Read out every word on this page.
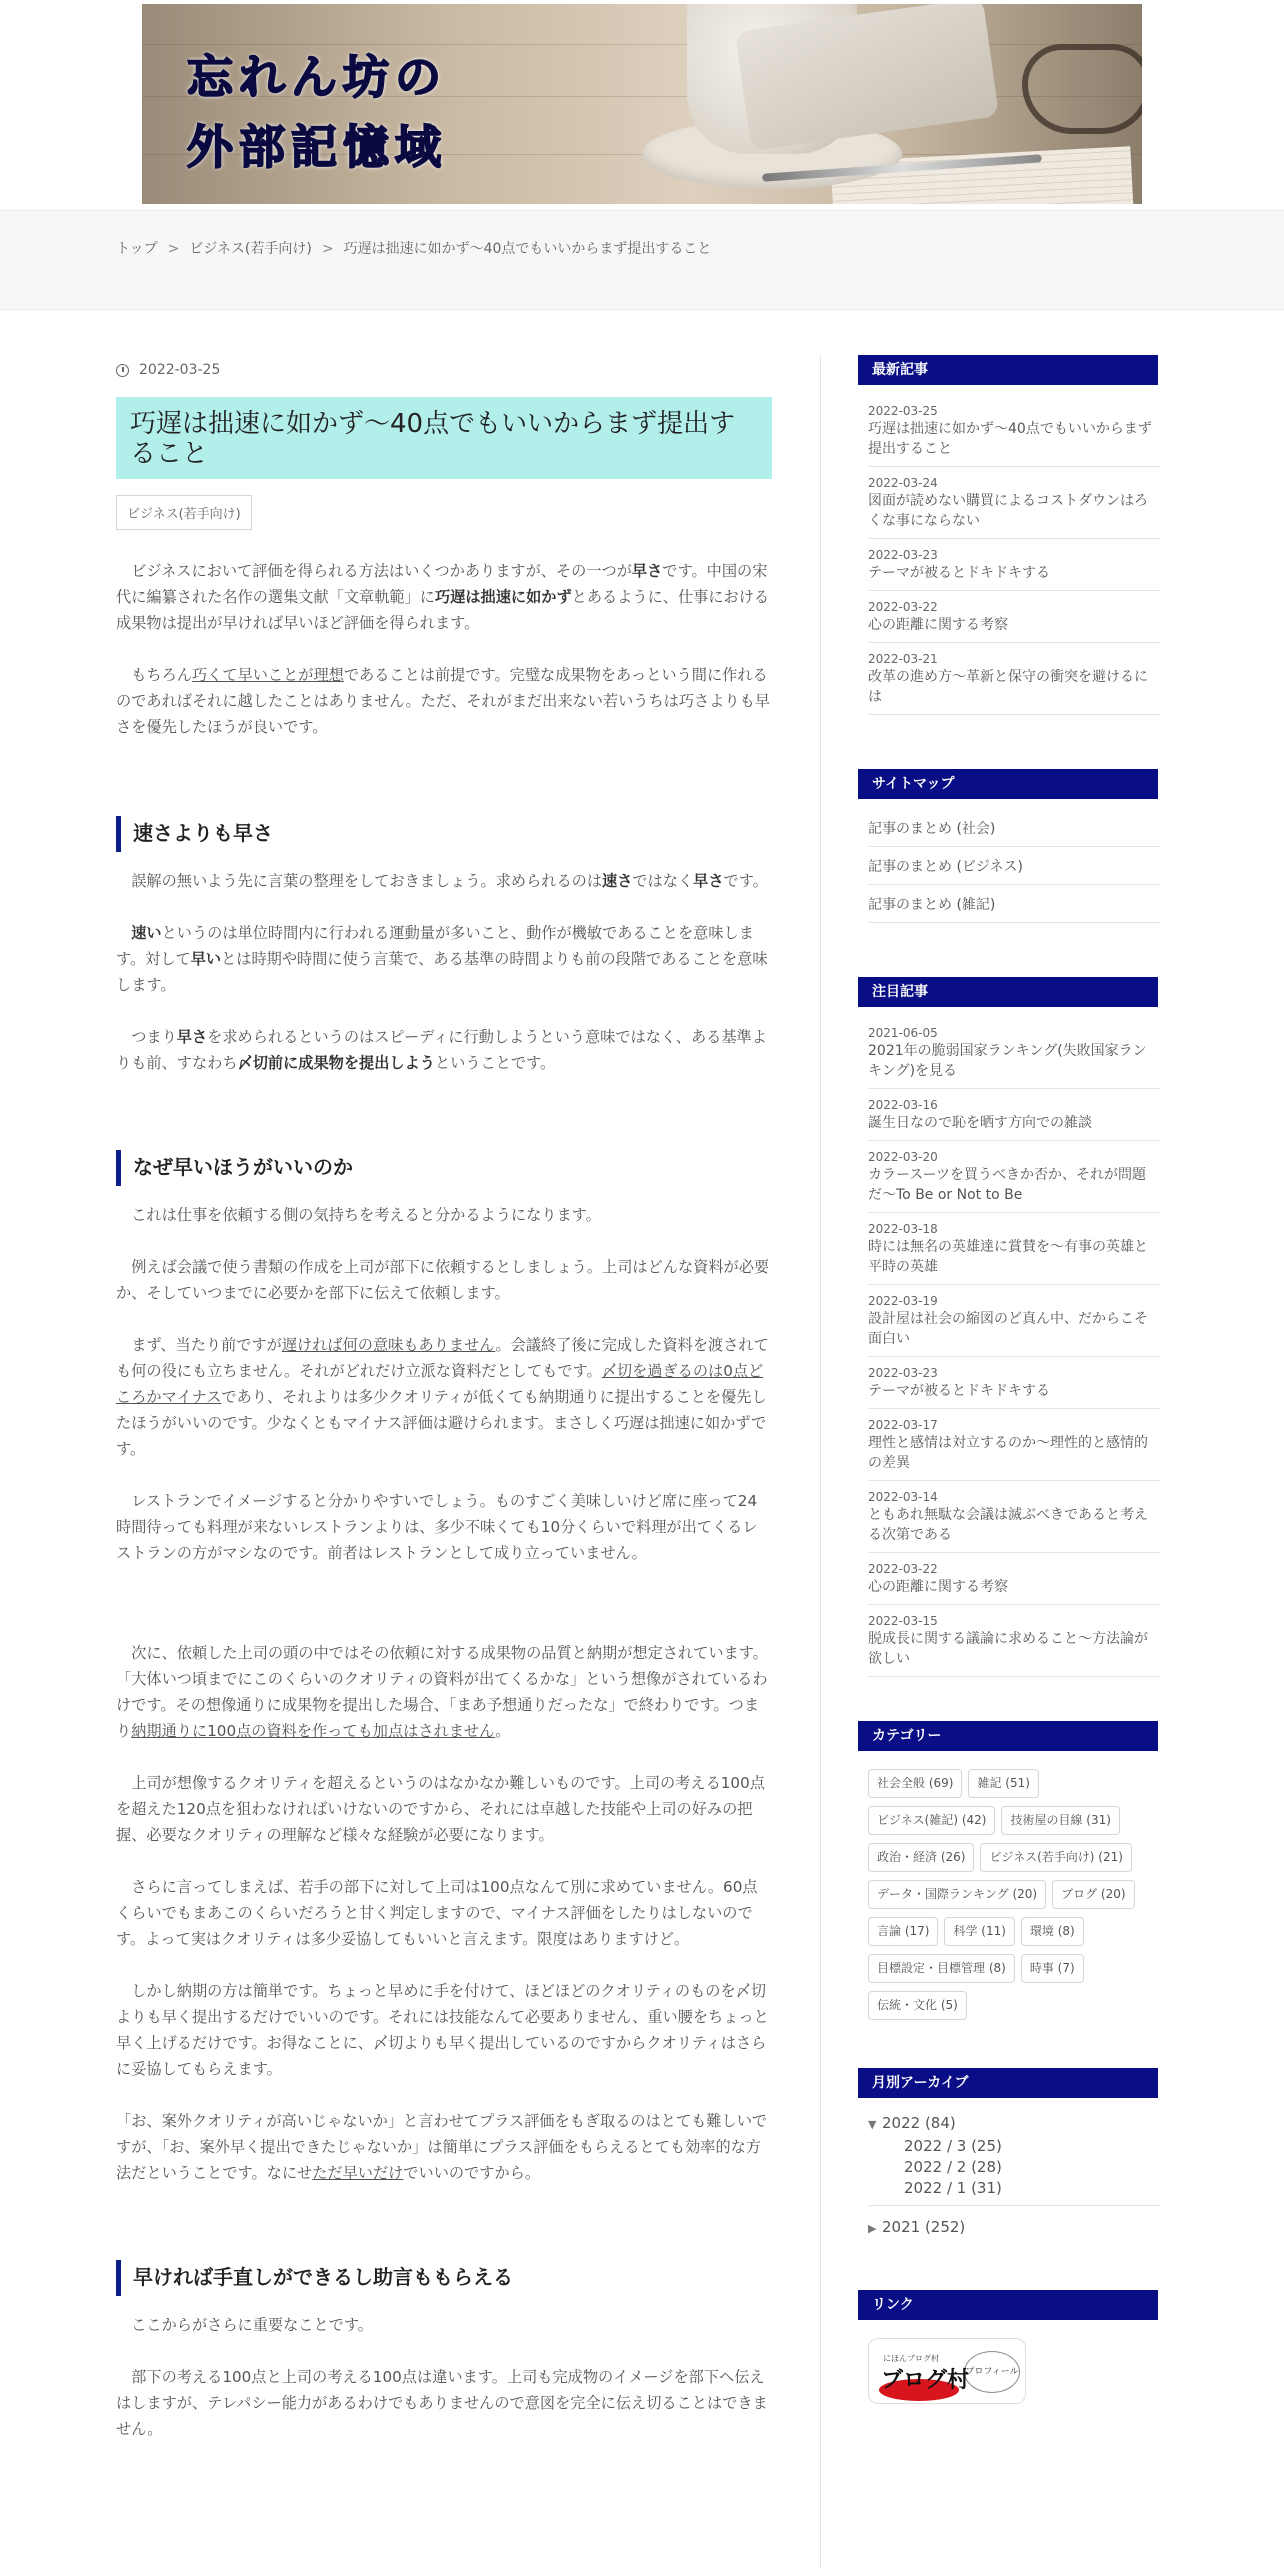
忘れん坊の
外部記憶域
トップ > ビジネス(若手向け) > 巧遅は拙速に如かず～40点でもいいからまず提出すること
2022-03-25
巧遅は拙速に如かず～40点でもいいからまず提出すること
ビジネス(若手向け)

ビジネスにおいて評価を得られる方法はいくつかありますが、その一つが早さです。中国の宋代に編纂された名作の選集文献「文章軌範」に巧遅は拙速に如かずとあるように、仕事における成果物は提出が早ければ早いほど評価を得られます。

もちろん巧くて早いことが理想であることは前提です。完璧な成果物をあっという間に作れるのであればそれに越したことはありません。ただ、それがまだ出来ない若いうちは巧さよりも早さを優先したほうが良いです。

速さよりも早さ

誤解の無いよう先に言葉の整理をしておきましょう。求められるのは速さではなく早さです。

速いというのは単位時間内に行われる運動量が多いこと、動作が機敏であることを意味します。対して早いとは時期や時間に使う言葉で、ある基準の時間よりも前の段階であることを意味します。

つまり早さを求められるというのはスピーディに行動しようという意味ではなく、ある基準よりも前、すなわち〆切前に成果物を提出しようということです。

なぜ早いほうがいいのか

これは仕事を依頼する側の気持ちを考えると分かるようになります。

例えば会議で使う書類の作成を上司が部下に依頼するとしましょう。上司はどんな資料が必要か、そしていつまでに必要かを部下に伝えて依頼します。

まず、当たり前ですが遅ければ何の意味もありません。会議終了後に完成した資料を渡されても何の役にも立ちません。それがどれだけ立派な資料だとしてもです。〆切を過ぎるのは0点どころかマイナスであり、それよりは多少クオリティが低くても納期通りに提出することを優先したほうがいいのです。少なくともマイナス評価は避けられます。まさしく巧遅は拙速に如かずです。

レストランでイメージすると分かりやすいでしょう。ものすごく美味しいけど席に座って24時間待っても料理が来ないレストランよりは、多少不味くても10分くらいで料理が出てくるレストランの方がマシなのです。前者はレストランとして成り立っていません。

次に、依頼した上司の頭の中ではその依頼に対する成果物の品質と納期が想定されています。「大体いつ頃までにこのくらいのクオリティの資料が出てくるかな」という想像がされているわけです。その想像通りに成果物を提出した場合、「まあ予想通りだったな」で終わりです。つまり納期通りに100点の資料を作っても加点はされません。

上司が想像するクオリティを超えるというのはなかなか難しいものです。上司の考える100点を超えた120点を狙わなければいけないのですから、それには卓越した技能や上司の好みの把握、必要なクオリティの理解など様々な経験が必要になります。

さらに言ってしまえば、若手の部下に対して上司は100点なんて別に求めていません。60点くらいでもまあこのくらいだろうと甘く判定しますので、マイナス評価をしたりはしないのです。よって実はクオリティは多少妥協してもいいと言えます。限度はありますけど。

しかし納期の方は簡単です。ちょっと早めに手を付けて、ほどほどのクオリティのものを〆切よりも早く提出するだけでいいのです。それには技能なんて必要ありません、重い腰をちょっと早く上げるだけです。お得なことに、〆切よりも早く提出しているのですからクオリティはさらに妥協してもらえます。

「お、案外クオリティが高いじゃないか」と言わせてプラス評価をもぎ取るのはとても難しいですが、「お、案外早く提出できたじゃないか」は簡単にプラス評価をもらえるとても効率的な方法だということです。なにせただ早いだけでいいのですから。

早ければ手直しができるし助言ももらえる

ここからがさらに重要なことです。

部下の考える100点と上司の考える100点は違います。上司も完成物のイメージを部下へ伝えはしますが、テレパシー能力があるわけでもありませんので意図を完全に伝え切ることはできません。

最新記事
2022-03-25
巧遅は拙速に如かず～40点でもいいからまず提出すること
2022-03-24
図面が読めない購買によるコストダウンはろくな事にならない
2022-03-23
テーマが被るとドキドキする
2022-03-22
心の距離に関する考察
2022-03-21
改革の進め方〜革新と保守の衝突を避けるには
サイトマップ
記事のまとめ (社会)
記事のまとめ (ビジネス)
記事のまとめ (雑記)
注目記事
2021-06-05
2021年の脆弱国家ランキング(失敗国家ランキング)を見る
2022-03-16
誕生日なので恥を晒す方向での雑談
2022-03-20
カラースーツを買うべきか否か、それが問題だ～To Be or Not to Be
2022-03-18
時には無名の英雄達に賞賛を～有事の英雄と平時の英雄
2022-03-19
設計屋は社会の縮図のど真ん中、だからこそ面白い
2022-03-23
テーマが被るとドキドキする
2022-03-17
理性と感情は対立するのか～理性的と感情的の差異
2022-03-14
ともあれ無駄な会議は滅ぶべきであると考える次第である
2022-03-22
心の距離に関する考察
2022-03-15
脱成長に関する議論に求めること～方法論が欲しい
カテゴリー
社会全般 (69)	雑記 (51)
ビジネス(雑記) (42)	技術屋の目線 (31)
政治・経済 (26)	ビジネス(若手向け) (21)
データ・国際ランキング (20)	ブログ (20)
言論 (17)	科学 (11)	環境 (8)
目標設定・目標管理 (8)	時事 (7)
伝統・文化 (5)
月別アーカイブ
▼ 2022 (84)
2022 / 3 (25)
2022 / 2 (28)
2022 / 1 (31)
▶ 2021 (252)
リンク
にほんブログ村
ブログ村
プロフィール
